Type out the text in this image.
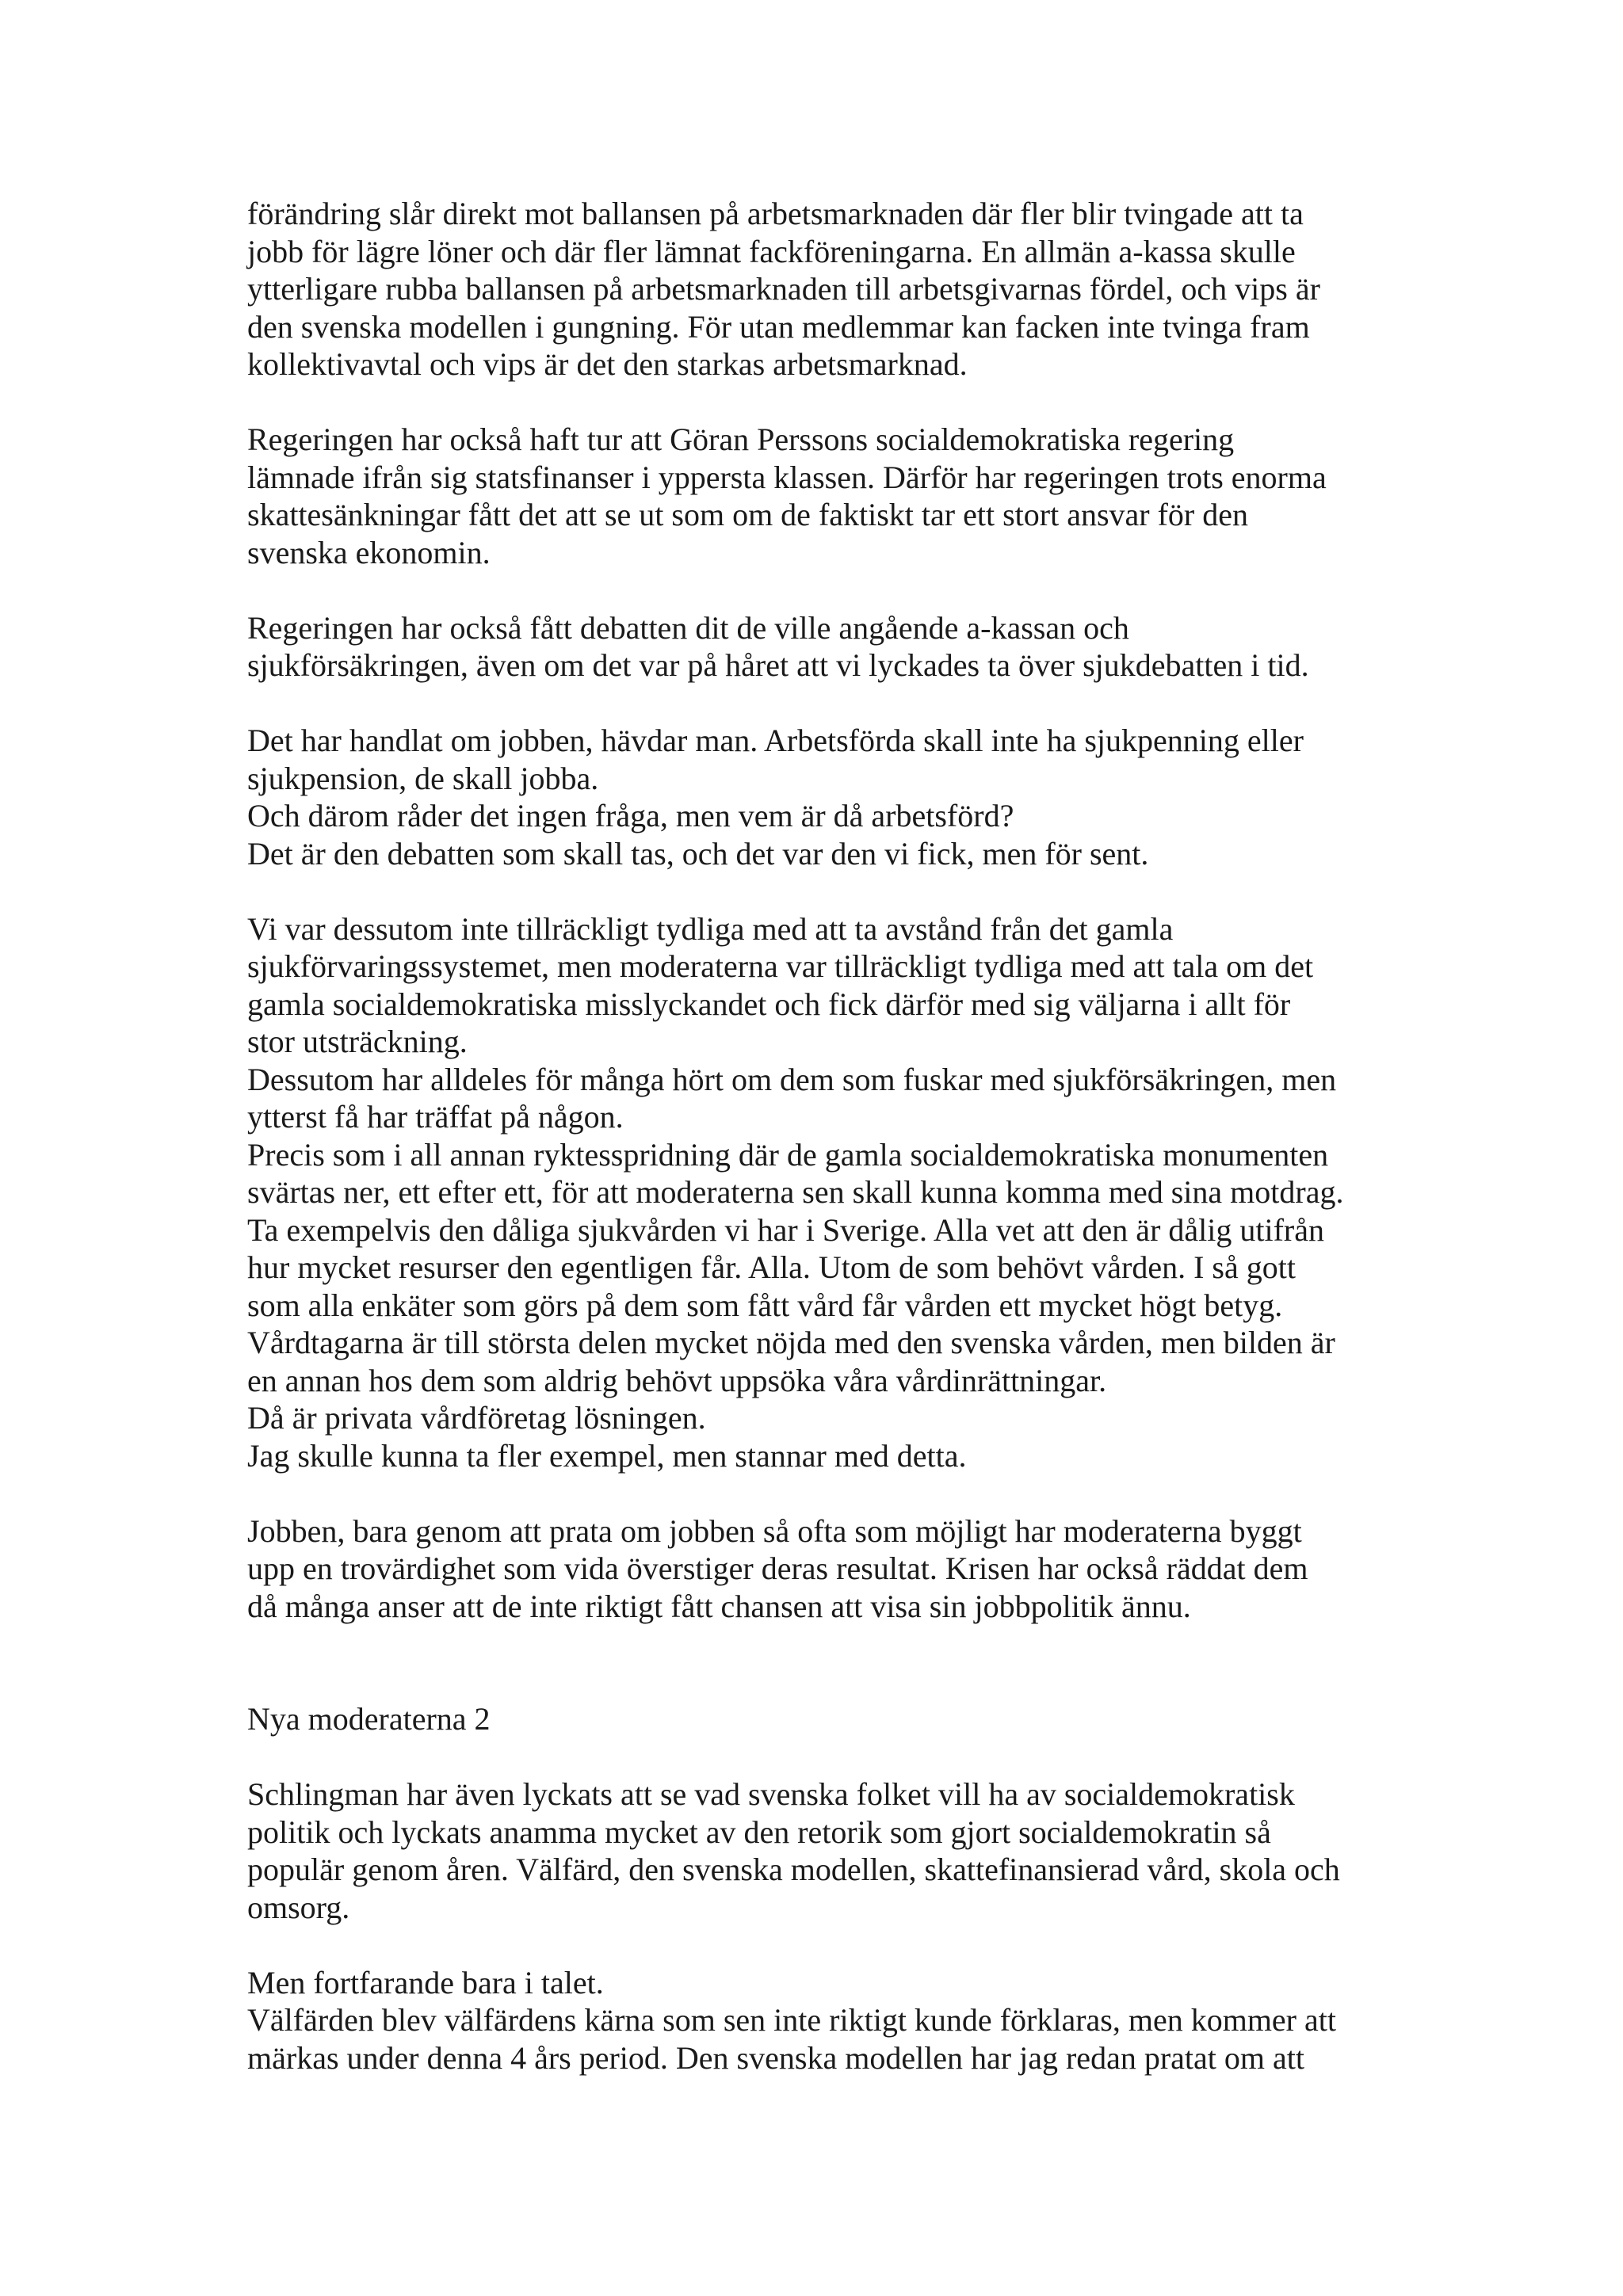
förändring slår direkt mot ballansen på arbetsmarknaden där fler blir tvingade att ta
jobb för lägre löner och där fler lämnat fackföreningarna. En allmän a-kassa skulle
ytterligare rubba ballansen på arbetsmarknaden till arbetsgivarnas fördel, och vips är
den svenska modellen i gungning. För utan medlemmar kan facken inte tvinga fram
kollektivavtal och vips är det den starkas arbetsmarknad.
Regeringen har också haft tur att Göran Perssons socialdemokratiska regering
lämnade ifrån sig statsfinanser i yppersta klassen. Därför har regeringen trots enorma
skattesänkningar fått det att se ut som om de faktiskt tar ett stort ansvar för den
svenska ekonomin.
Regeringen har också fått debatten dit de ville angående a-kassan och
sjukförsäkringen, även om det var på håret att vi lyckades ta över sjukdebatten i tid.
Det har handlat om jobben, hävdar man. Arbetsförda skall inte ha sjukpenning eller
sjukpension, de skall jobba.
Och därom råder det ingen fråga, men vem är då arbetsförd?
Det är den debatten som skall tas, och det var den vi fick, men för sent.
Vi var dessutom inte tillräckligt tydliga med att ta avstånd från det gamla
sjukförvaringssystemet, men moderaterna var tillräckligt tydliga med att tala om det
gamla socialdemokratiska misslyckandet och fick därför med sig väljarna i allt för
stor utsträckning.
Dessutom har alldeles för många hört om dem som fuskar med sjukförsäkringen, men
ytterst få har träffat på någon.
Precis som i all annan ryktesspridning där de gamla socialdemokratiska monumenten
svärtas ner, ett efter ett, för att moderaterna sen skall kunna komma med sina motdrag.
Ta exempelvis den dåliga sjukvården vi har i Sverige. Alla vet att den är dålig utifrån
hur mycket resurser den egentligen får. Alla. Utom de som behövt vården. I så gott
som alla enkäter som görs på dem som fått vård får vården ett mycket högt betyg.
Vårdtagarna är till största delen mycket nöjda med den svenska vården, men bilden är
en annan hos dem som aldrig behövt uppsöka våra vårdinrättningar.
Då är privata vårdföretag lösningen.
Jag skulle kunna ta fler exempel, men stannar med detta.
Jobben, bara genom att prata om jobben så ofta som möjligt har moderaterna byggt
upp en trovärdighet som vida överstiger deras resultat. Krisen har också räddat dem
då många anser att de inte riktigt fått chansen att visa sin jobbpolitik ännu.
Nya moderaterna 2
Schlingman har även lyckats att se vad svenska folket vill ha av socialdemokratisk
politik och lyckats anamma mycket av den retorik som gjort socialdemokratin så
populär genom åren. Välfärd, den svenska modellen, skattefinansierad vård, skola och
omsorg.
Men fortfarande bara i talet.
Välfärden blev välfärdens kärna som sen inte riktigt kunde förklaras, men kommer att
märkas under denna 4 års period. Den svenska modellen har jag redan pratat om att
